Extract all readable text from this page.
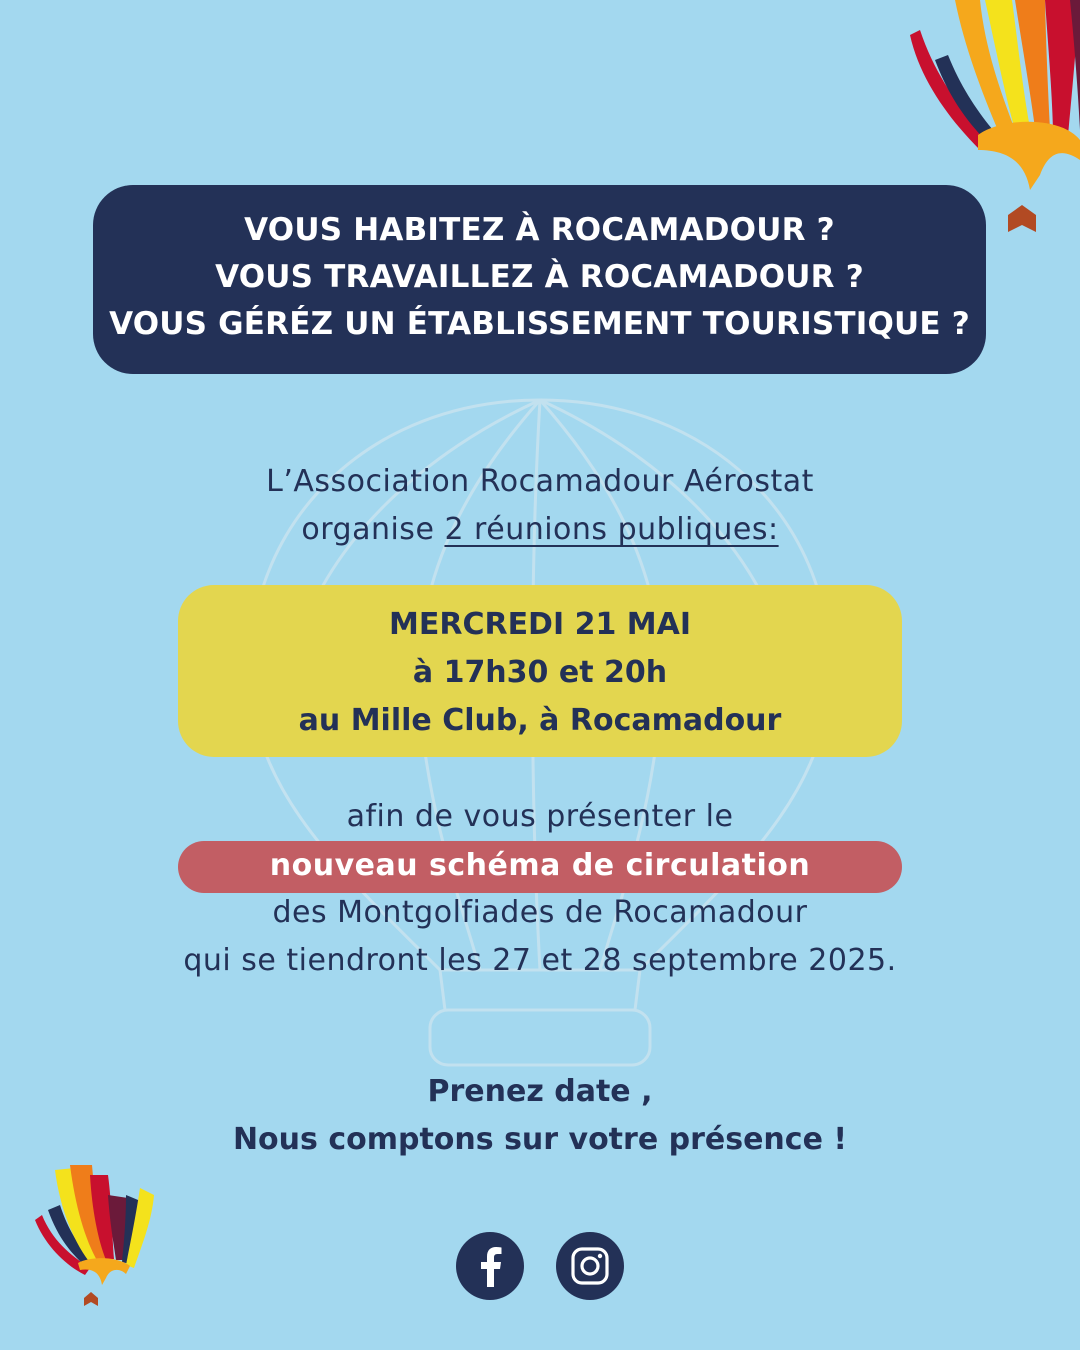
VOUS HABITEZ À ROCAMADOUR ?
VOUS TRAVAILLEZ À ROCAMADOUR ?
VOUS GÉRÉZ UN ÉTABLISSEMENT TOURISTIQUE ?
L’Association Rocamadour Aérostat
organise 2 réunions publiques:
MERCREDI 21 MAI
à 17h30 et 20h
au Mille Club, à Rocamadour
afin de vous présenter le
nouveau schéma de circulation
des Montgolfiades de Rocamadour
qui se tiendront les 27 et 28 septembre 2025.
Prenez date ,
Nous comptons sur votre présence !
